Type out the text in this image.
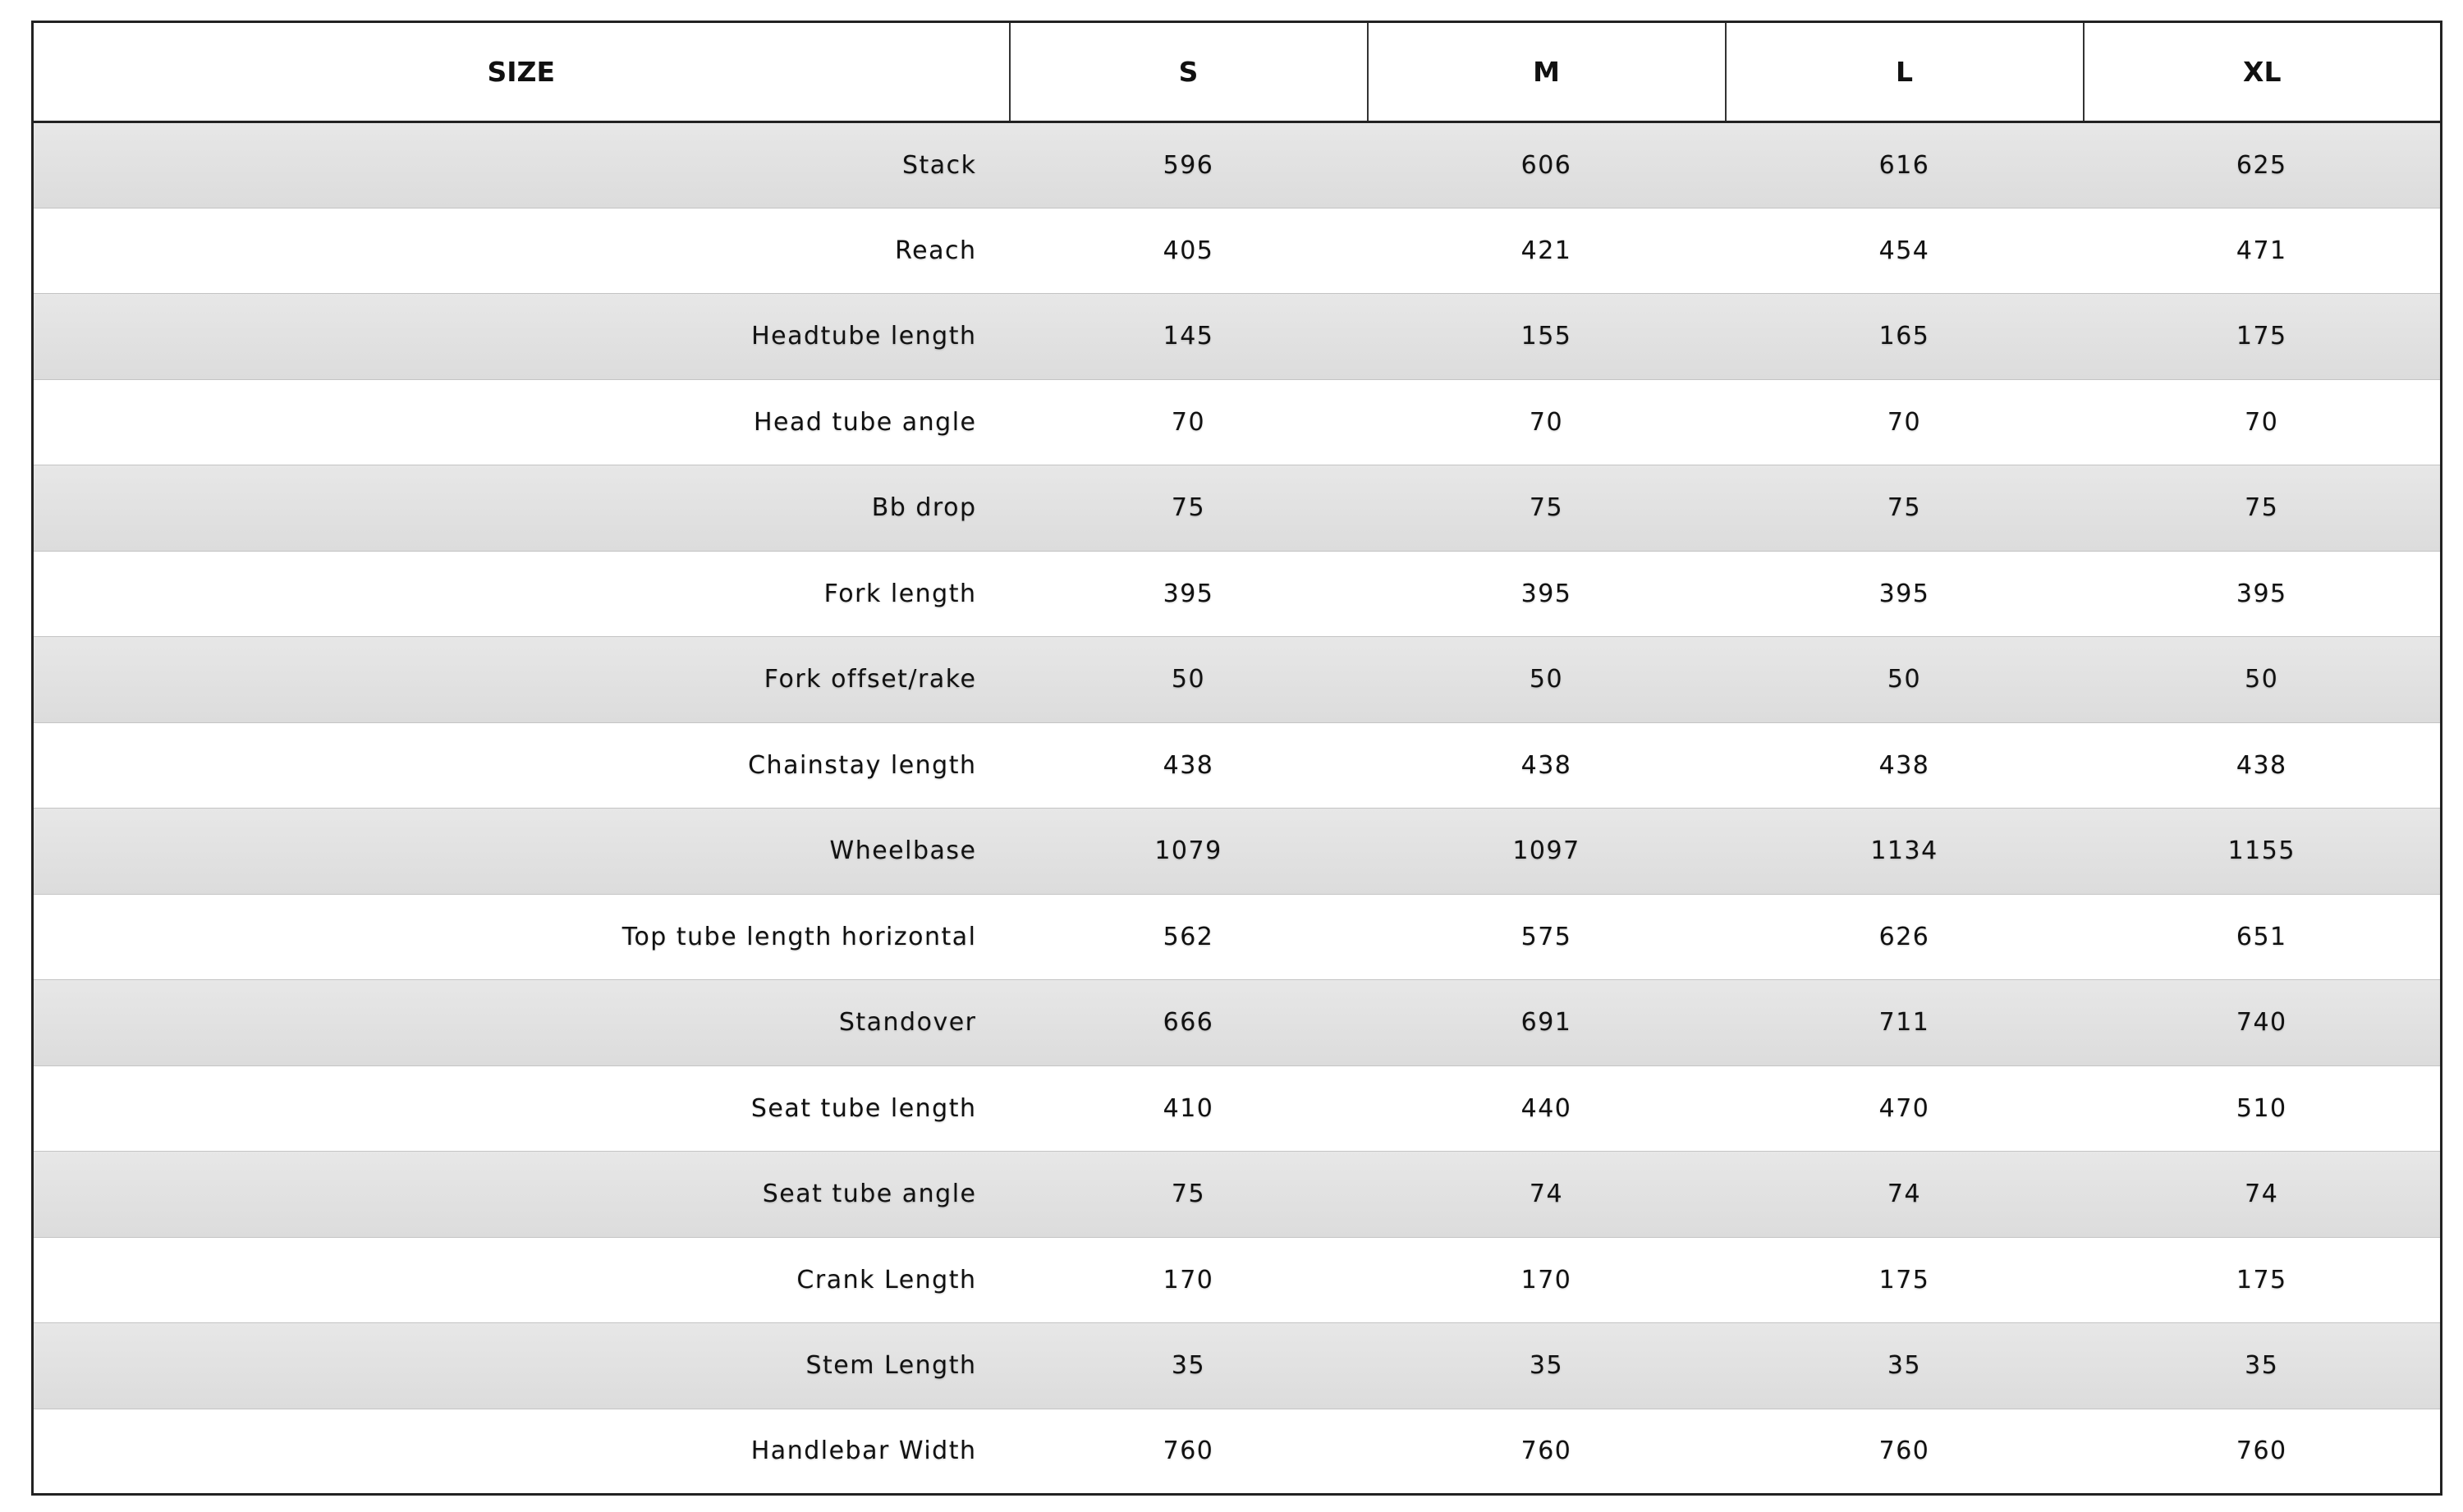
SIZE	S	M	L	XL
Stack	596	606	616	625
Reach	405	421	454	471
Headtube length	145	155	165	175
Head tube angle	70	70	70	70
Bb drop	75	75	75	75
Fork length	395	395	395	395
Fork offset/rake	50	50	50	50
Chainstay length	438	438	438	438
Wheelbase	1079	1097	1134	1155
Top tube length horizontal	562	575	626	651
Standover	666	691	711	740
Seat tube length	410	440	470	510
Seat tube angle	75	74	74	74
Crank Length	170	170	175	175
Stem Length	35	35	35	35
Handlebar Width	760	760	760	760
